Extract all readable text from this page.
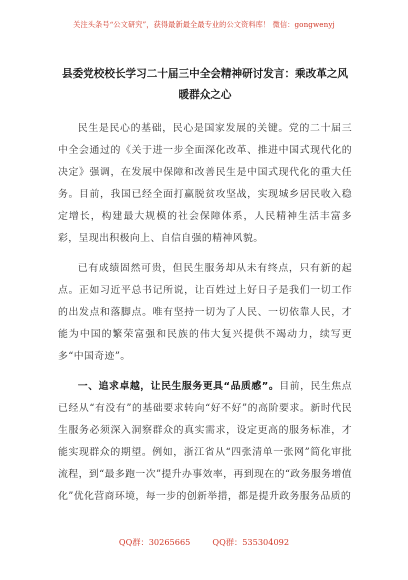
关注头条号“公文研究”，获得最新最全最专业的公文资料库！ 微信：gongwenyj
县委党校校长学习二十届三中全会精神研讨发言：乘改革之风 暖群众之心

民生是民心的基础，民心是国家发展的关键。党的二十届三中全会通过的《关于进一步全面深化改革、推进中国式现代化的决定》强调，在发展中保障和改善民生是中国式现代化的重大任务。目前，我国已经全面打赢脱贫攻坚战，实现城乡居民收入稳定增长，构建最大规模的社会保障体系，人民精神生活丰富多彩，呈现出积极向上、自信自强的精神风貌。

已有成绩固然可贵，但民生服务却从未有终点，只有新的起点。正如习近平总书记所说，让百姓过上好日子是我们一切工作的出发点和落脚点。唯有坚持一切为了人民、一切依靠人民，才能为中国的繁荣富强和民族的伟大复兴提供不竭动力，续写更多“中国奇迹”。

一、追求卓越，让民生服务更具“品质感”。目前，民生焦点已经从“有没有”的基础要求转向“好不好”的高阶要求。新时代民生服务必须深入洞察群众的真实需求，设定更高的服务标准，才能实现群众的期望。例如，浙江省从“四张清单一张网”简化审批流程，到“最多跑一次”提升办事效率，再到现在的“政务服务增值化”优化营商环境，每一步的创新举措，都是提升政务服务品质的

QQ群：30265665	QQ群：535304092
